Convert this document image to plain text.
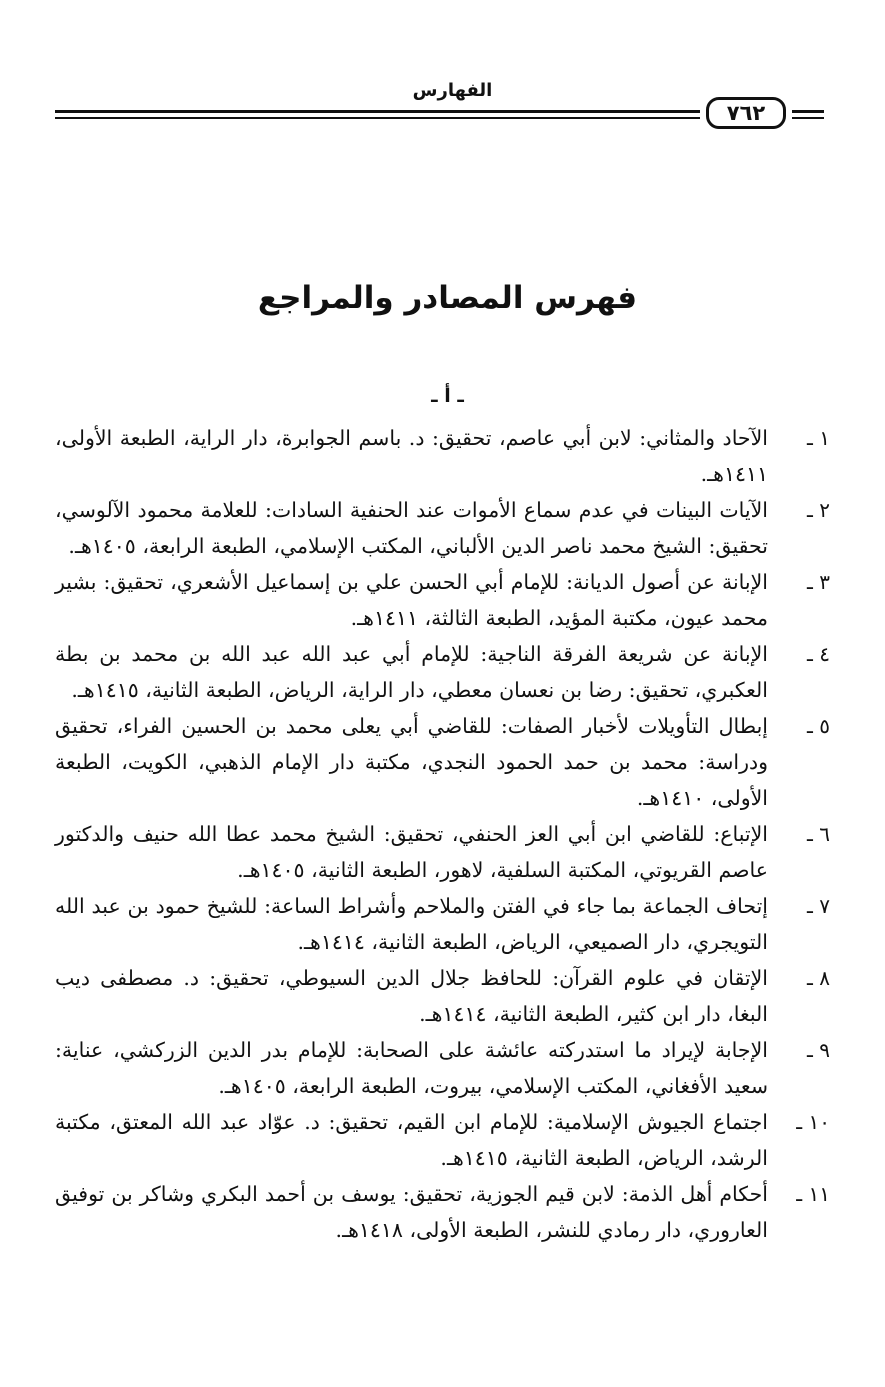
الفهارس
٧٦٢
فهرس المصادر والمراجع
ـ أ ـ
١ ـ
الآحاد والمثاني: لابن أبي عاصم، تحقيق: د. باسم الجوابرة، دار الراية، الطبعة الأولى، ١٤١١هـ.
٢ ـ
الآيات البينات في عدم سماع الأموات عند الحنفية السادات: للعلامة محمود الآلوسي، تحقيق: الشيخ محمد ناصر الدين الألباني، المكتب الإسلامي، الطبعة الرابعة، ١٤٠٥هـ.
٣ ـ
الإبانة عن أصول الديانة: للإمام أبي الحسن علي بن إسماعيل الأشعري، تحقيق: بشير محمد عيون، مكتبة المؤيد، الطبعة الثالثة، ١٤١١هـ.
٤ ـ
الإبانة عن شريعة الفرقة الناجية: للإمام أبي عبد الله عبد الله بن محمد بن بطة العكبري، تحقيق: رضا بن نعسان معطي، دار الراية، الرياض، الطبعة الثانية، ١٤١٥هـ.
٥ ـ
إبطال التأويلات لأخبار الصفات: للقاضي أبي يعلى محمد بن الحسين الفراء، تحقيق ودراسة: محمد بن حمد الحمود النجدي، مكتبة دار الإمام الذهبي، الكويت، الطبعة الأولى، ١٤١٠هـ.
٦ ـ
الإتباع: للقاضي ابن أبي العز الحنفي، تحقيق: الشيخ محمد عطا الله حنيف والدكتور عاصم القريوتي، المكتبة السلفية، لاهور، الطبعة الثانية، ١٤٠٥هـ.
٧ ـ
إتحاف الجماعة بما جاء في الفتن والملاحم وأشراط الساعة: للشيخ حمود بن عبد الله التويجري، دار الصميعي، الرياض، الطبعة الثانية، ١٤١٤هـ.
٨ ـ
الإتقان في علوم القرآن: للحافظ جلال الدين السيوطي، تحقيق: د. مصطفى ديب البغا، دار ابن كثير، الطبعة الثانية، ١٤١٤هـ.
٩ ـ
الإجابة لإيراد ما استدركته عائشة على الصحابة: للإمام بدر الدين الزركشي، عناية: سعيد الأفغاني، المكتب الإسلامي، بيروت، الطبعة الرابعة، ١٤٠٥هـ.
١٠ ـ
اجتماع الجيوش الإسلامية: للإمام ابن القيم، تحقيق: د. عوّاد عبد الله المعتق، مكتبة الرشد، الرياض، الطبعة الثانية، ١٤١٥هـ.
١١ ـ
أحكام أهل الذمة: لابن قيم الجوزية، تحقيق: يوسف بن أحمد البكري وشاكر بن توفيق العاروري، دار رمادي للنشر، الطبعة الأولى، ١٤١٨هـ.
